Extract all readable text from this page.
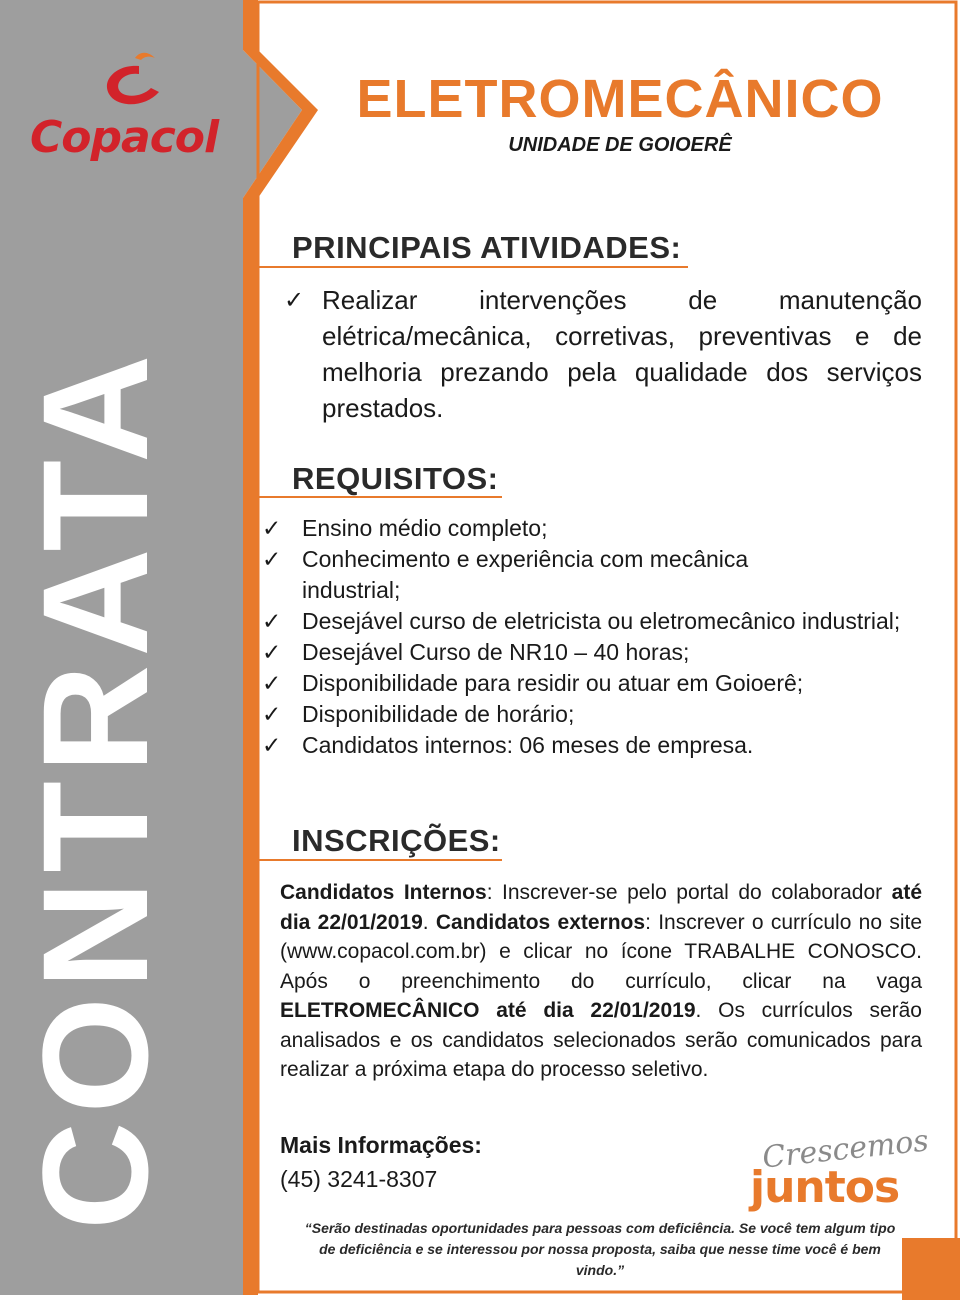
Copacol
CONTRATA
ELETROMECÂNICO
UNIDADE DE GOIOERÊ
PRINCIPAIS ATIVIDADES:
✓ Realizar intervenções de manutenção elétrica/mecânica, corretivas, preventivas e de melhoria prezando pela qualidade dos serviços prestados.
REQUISITOS:
✓ Ensino médio completo;
✓ Conhecimento e experiência com mecânica industrial;
✓ Desejável curso de eletricista ou eletromecânico industrial;
✓ Desejável Curso de NR10 – 40 horas;
✓ Disponibilidade para residir ou atuar em Goioerê;
✓ Disponibilidade de horário;
✓ Candidatos internos: 06 meses de empresa.
INSCRIÇÕES:
Candidatos Internos: Inscrever-se pelo portal do colaborador até dia 22/01/2019. Candidatos externos: Inscrever o currículo no site (www.copacol.com.br) e clicar no ícone TRABALHE CONOSCO. Após o preenchimento do currículo, clicar na vaga ELETROMECÂNICO até dia 22/01/2019. Os currículos serão analisados e os candidatos selecionados serão comunicados para realizar a próxima etapa do processo seletivo.
Mais Informações:
(45) 3241-8307
Crescemos
juntos
“Serão destinadas oportunidades para pessoas com deficiência. Se você tem algum tipo de deficiência e se interessou por nossa proposta, saiba que nesse time você é bem vindo.”
